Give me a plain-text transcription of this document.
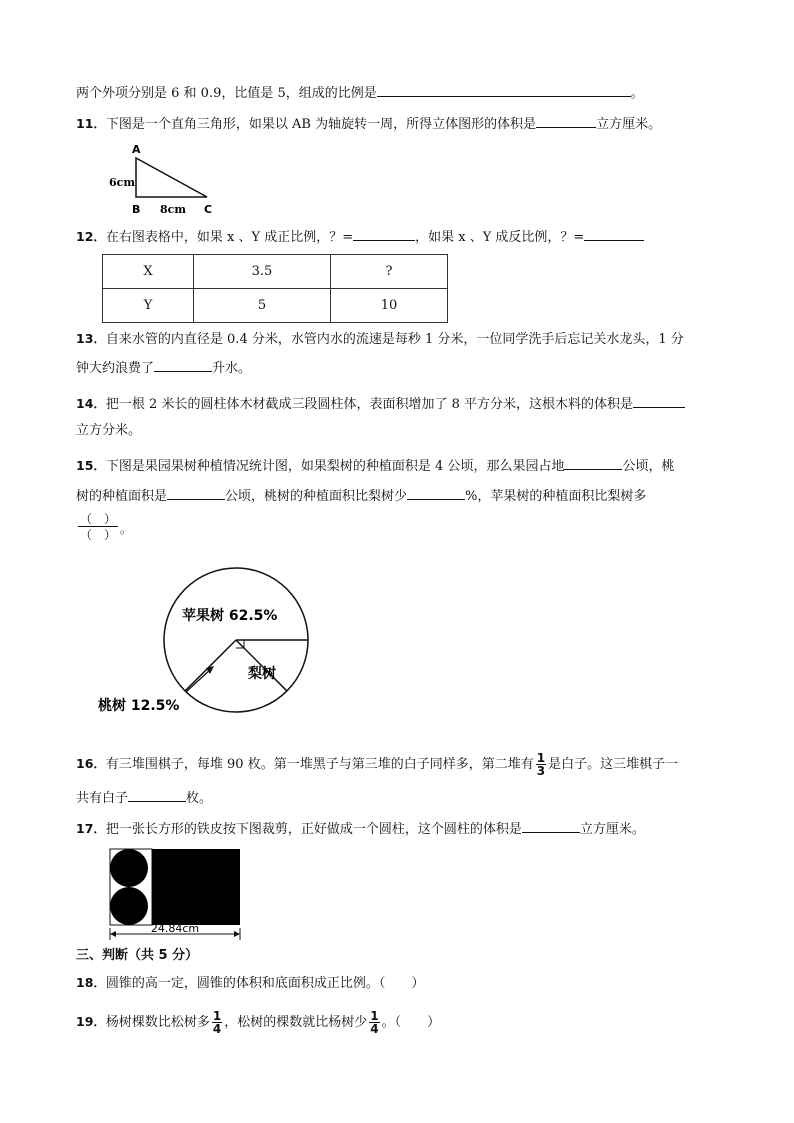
两个外项分别是 6 和 0.9，比值是 5，组成的比例是	。
11．下图是一个直角三角形，如果以 AB 为轴旋转一周，所得立体图形的体积是	立方厘米。
A
6cm
B 8cm C
12．在右图表格中，如果 x 、Y 成正比例，？=	，如果 x 、Y 成反比例，？=
X	3.5	?
Y	5	10
13．自来水管的内直径是 0.4 分米，水管内水的流速是每秒 1 分米，一位同学洗手后忘记关水龙头，1 分
钟大约浪费了	升水。
14．把一根 2 米长的圆柱体木材截成三段圆柱体，表面积增加了 8 平方分米，这根木料的体积是
立方分米。
15．下图是果园果树种植情况统计图，如果梨树的种植面积是 4 公顷，那么果园占地	公顷，桃
树的种植面积是	公顷，桃树的种植面积比梨树少	%，苹果树的种植面积比梨树多
（　）
（　） 。
苹果树 62.5%
梨树
桃树 12.5%
16．有三堆围棋子，每堆 90 枚。第一堆黑子与第三堆的白子同样多，第二堆有 $\frac{1}{3}$ 是白子。这三堆棋子一
共有白子	枚。
17．把一张长方形的铁皮按下图裁剪，正好做成一个圆柱，这个圆柱的体积是	立方厘米。
24.84cm
三、判断（共 5 分）
18．圆锥的高一定，圆锥的体积和底面积成正比例。（　　）
19．杨树棵数比松树多 $\frac{1}{4}$ ，松树的棵数就比杨树少 $\frac{1}{4}$ 。（　　）
